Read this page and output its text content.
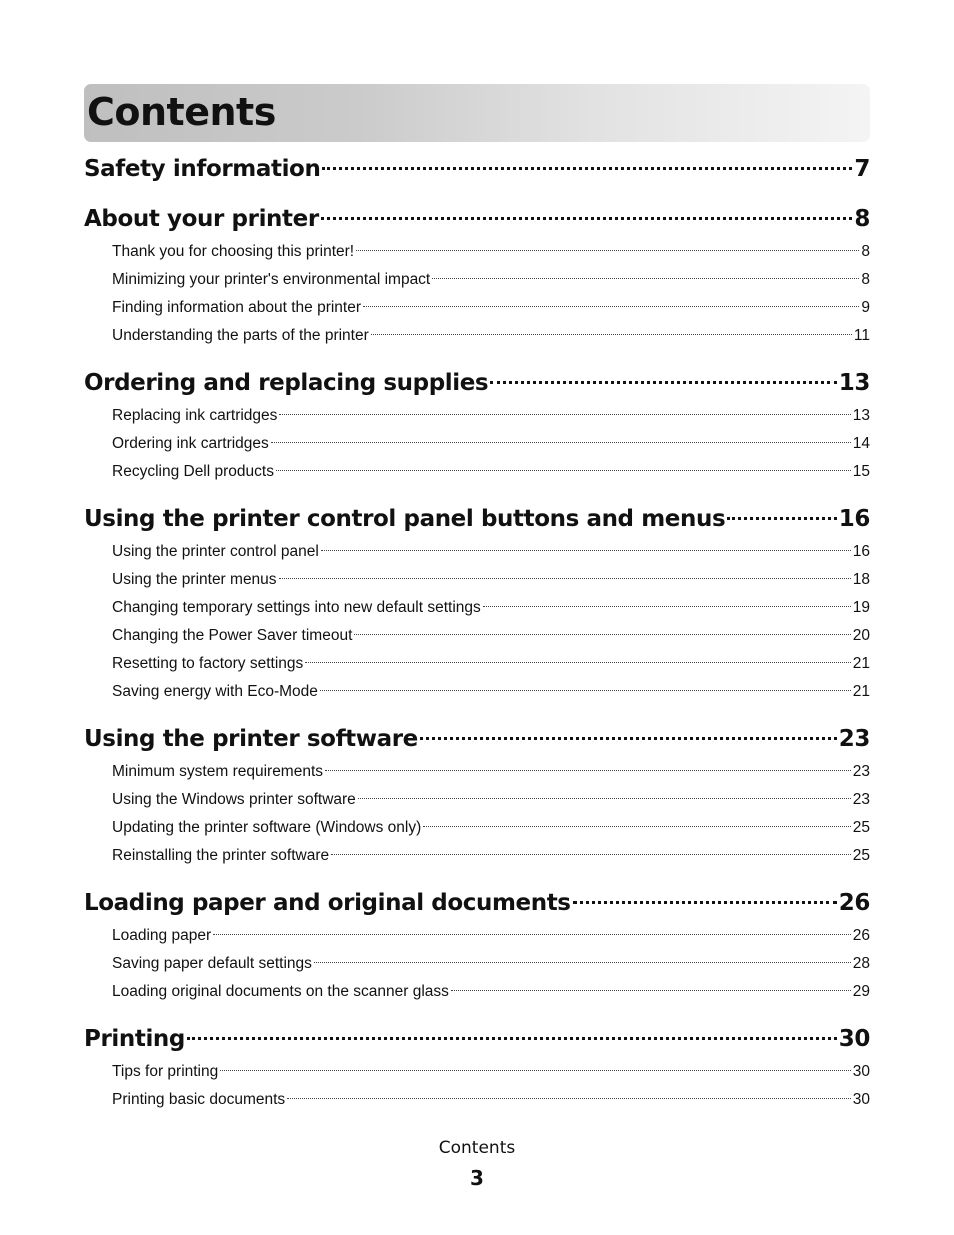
Contents
Safety information	7
About your printer	8
Thank you for choosing this printer!	8
Minimizing your printer's environmental impact	8
Finding information about the printer	9
Understanding the parts of the printer	11
Ordering and replacing supplies	13
Replacing ink cartridges	13
Ordering ink cartridges	14
Recycling Dell products	15
Using the printer control panel buttons and menus	16
Using the printer control panel	16
Using the printer menus	18
Changing temporary settings into new default settings	19
Changing the Power Saver timeout	20
Resetting to factory settings	21
Saving energy with Eco-Mode	21
Using the printer software	23
Minimum system requirements	23
Using the Windows printer software	23
Updating the printer software (Windows only)	25
Reinstalling the printer software	25
Loading paper and original documents	26
Loading paper	26
Saving paper default settings	28
Loading original documents on the scanner glass	29
Printing	30
Tips for printing	30
Printing basic documents	30
Contents
3
